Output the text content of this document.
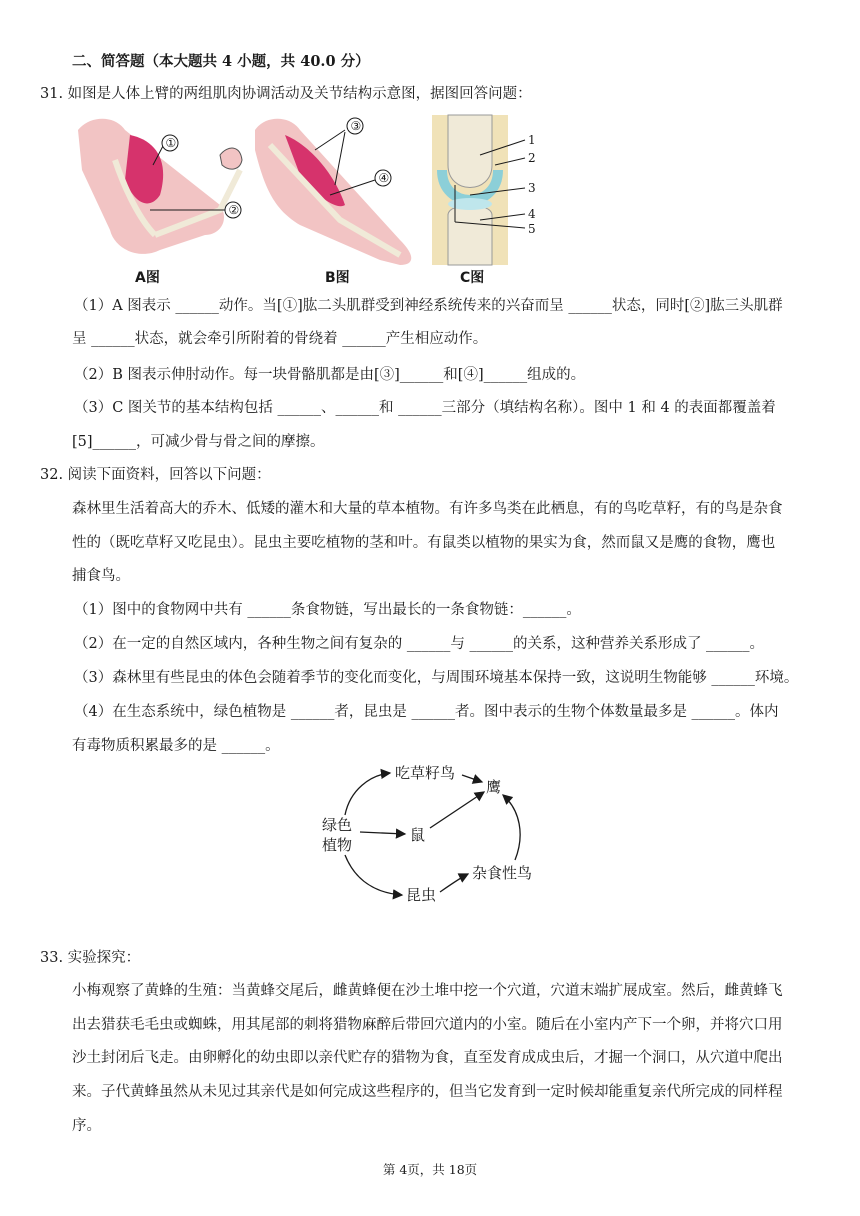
二、简答题（本大题共 4 小题，共 40.0 分）
31. 如图是人体上臂的两组肌肉协调活动及关节结构示意图，据图回答问题：
①
②
A图
③
④
B图
1
2
3
4
5
C图
（1）A 图表示 ______动作。当[①]肱二头肌群受到神经系统传来的兴奋而呈 ______状态，同时[②]肱三头肌群
呈 ______状态，就会牵引所附着的骨绕着 ______产生相应动作。
（2）B 图表示伸肘动作。每一块骨骼肌都是由[③]______和[④]______组成的。
（3）C 图关节的基本结构包括 ______、______和 ______三部分（填结构名称）。图中 1 和 4 的表面都覆盖着
[5]______，可减少骨与骨之间的摩擦。
32. 阅读下面资料，回答以下问题：
森林里生活着高大的乔木、低矮的灌木和大量的草本植物。有许多鸟类在此栖息，有的鸟吃草籽，有的鸟是杂食
性的（既吃草籽又吃昆虫）。昆虫主要吃植物的茎和叶。有鼠类以植物的果实为食，然而鼠又是鹰的食物，鹰也
捕食鸟。
（1）图中的食物网中共有 ______条食物链，写出最长的一条食物链：______。
（2）在一定的自然区域内，各种生物之间有复杂的 ______与 ______的关系，这种营养关系形成了 ______。
（3）森林里有些昆虫的体色会随着季节的变化而变化，与周围环境基本保持一致，这说明生物能够 ______环境。
（4）在生态系统中，绿色植物是 ______者，昆虫是 ______者。图中表示的生物个体数量最多是 ______。体内
有毒物质积累最多的是 ______。
绿色
植物
吃草籽鸟
鹰
鼠
杂食性鸟
昆虫
33. 实验探究：
小梅观察了黄蜂的生殖：当黄蜂交尾后，雌黄蜂便在沙土堆中挖一个穴道，穴道末端扩展成室。然后，雌黄蜂飞
出去猎获毛毛虫或蜘蛛，用其尾部的刺将猎物麻醉后带回穴道内的小室。随后在小室内产下一个卵，并将穴口用
沙土封闭后飞走。由卵孵化的幼虫即以亲代贮存的猎物为食，直至发育成成虫后，才掘一个洞口，从穴道中爬出
来。子代黄蜂虽然从未见过其亲代是如何完成这些程序的，但当它发育到一定时候却能重复亲代所完成的同样程
序。
第 4页，共 18页
